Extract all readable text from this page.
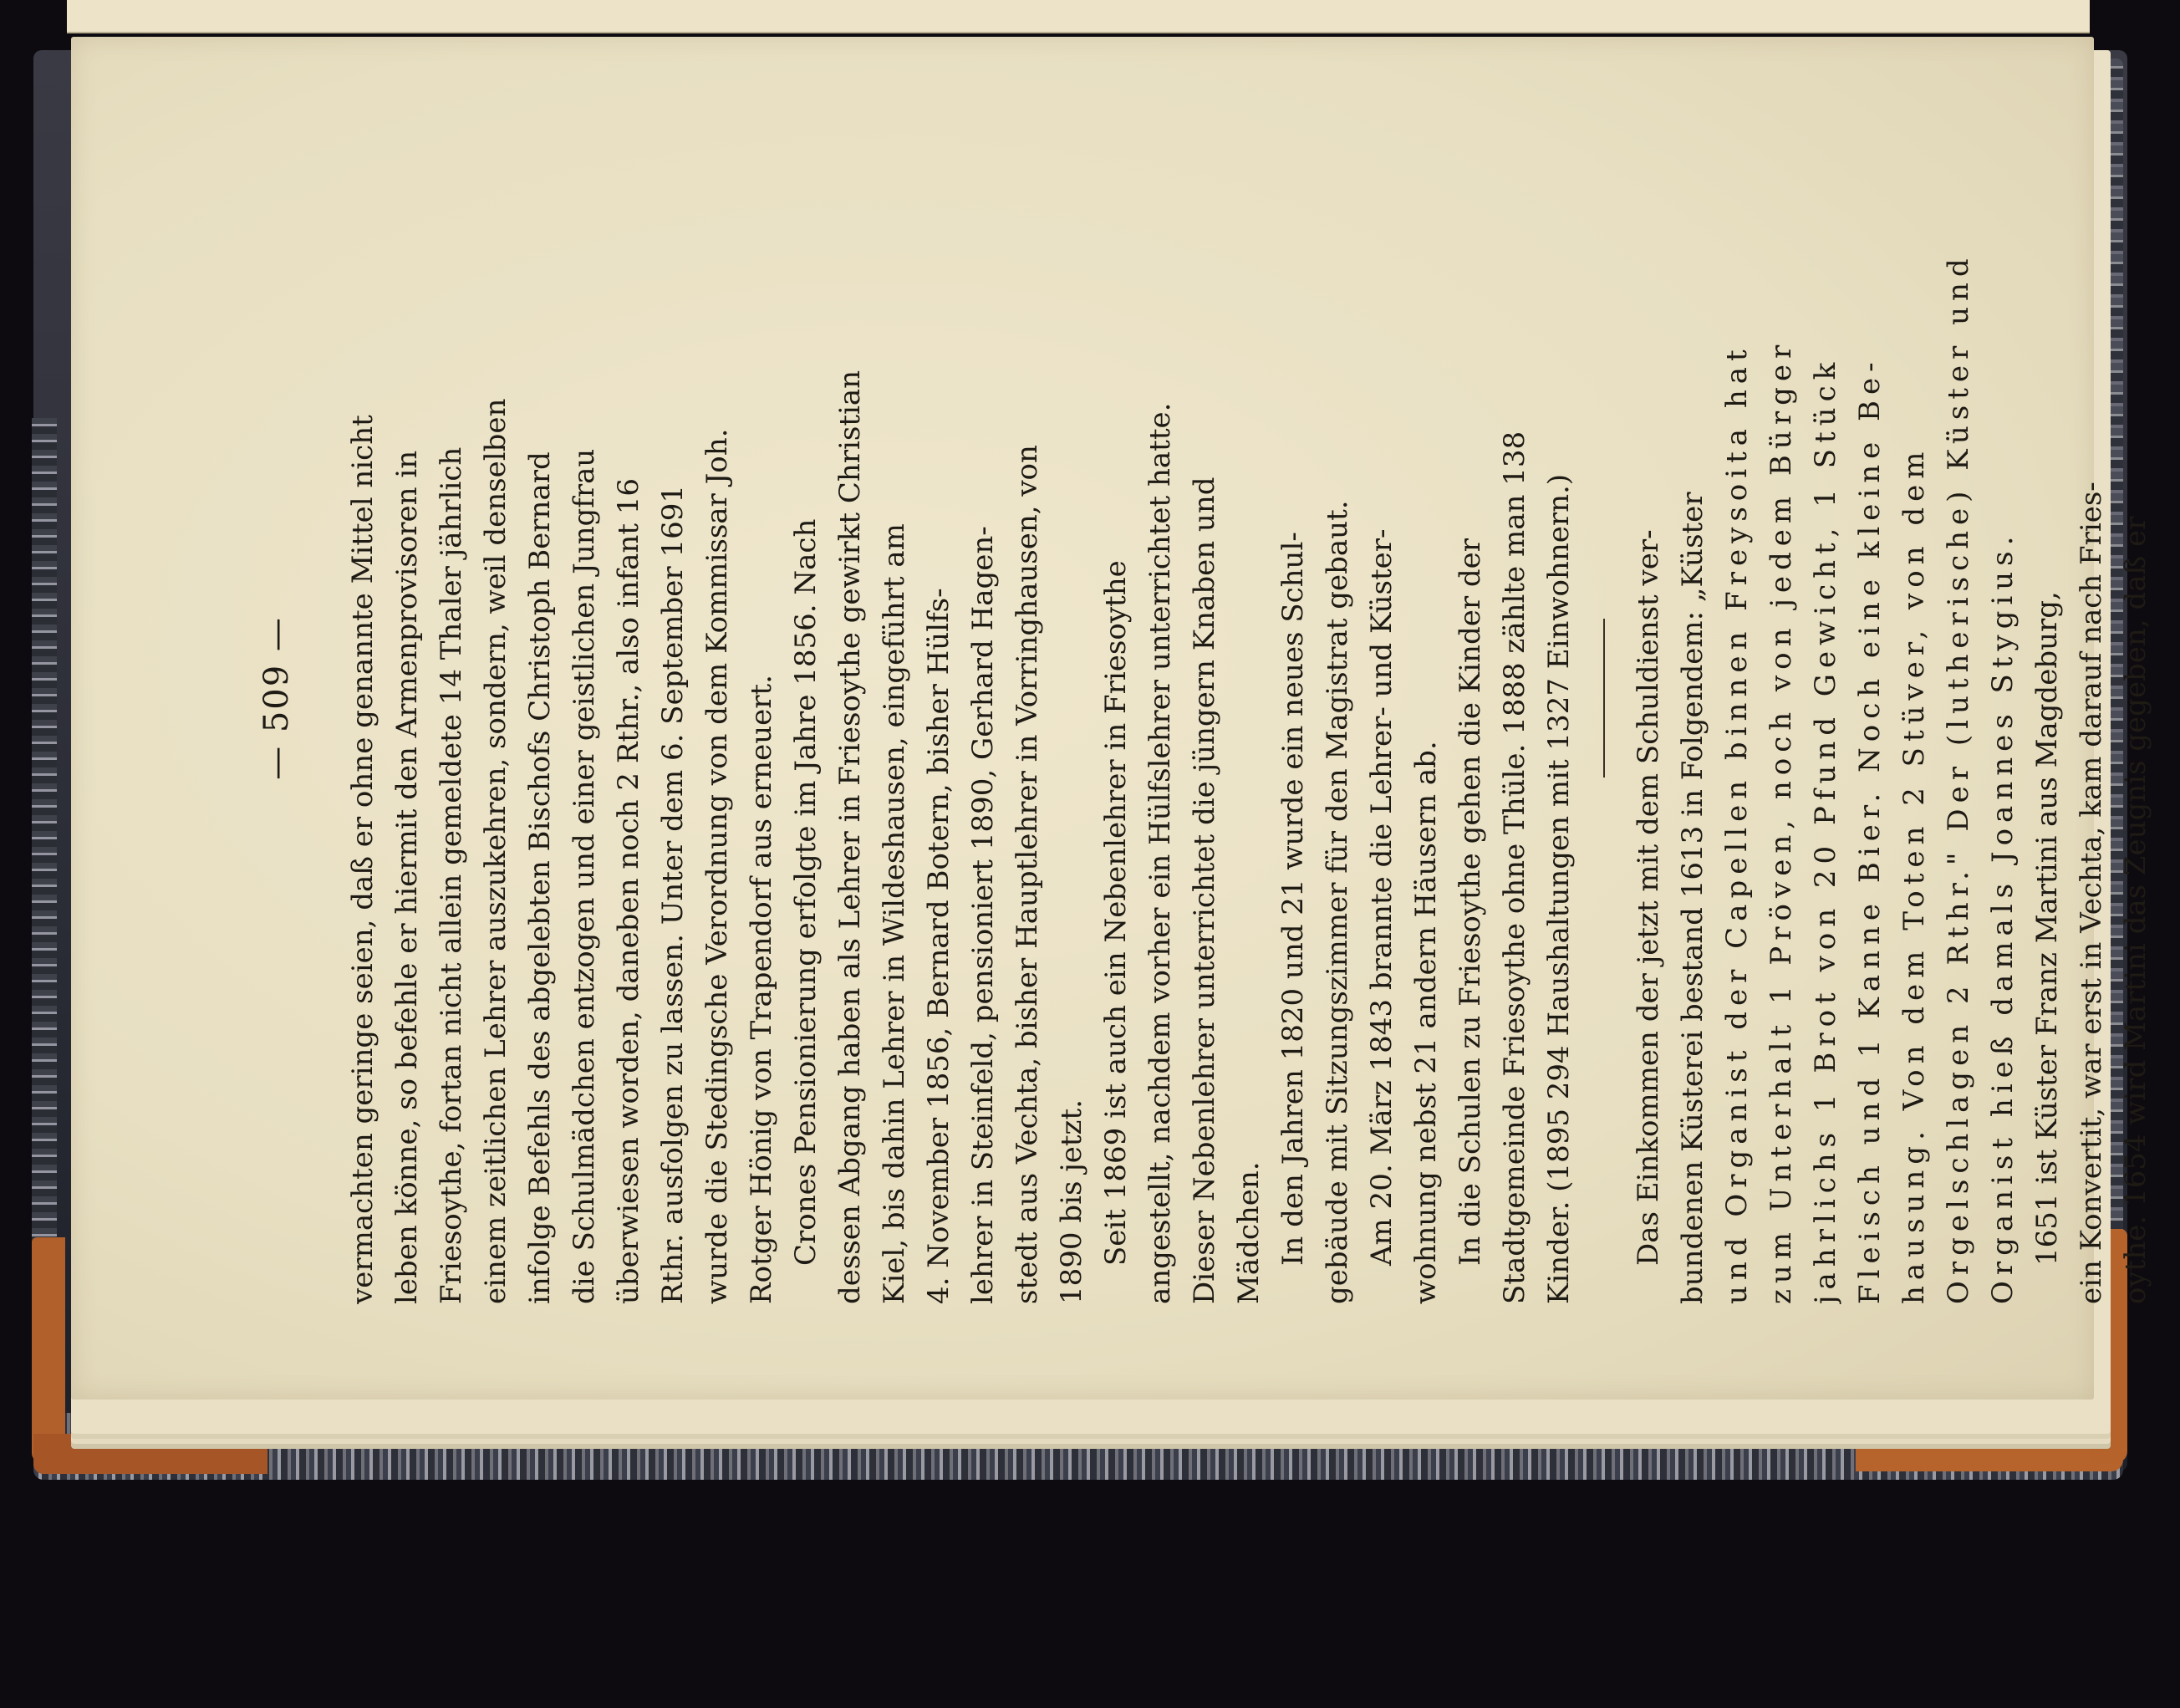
— 509 — vermachten geringe seien, daß er ohne genannte Mittel nicht leben könne, so befehle er hiermit den Armenprovisoren in Friesoythe, fortan nicht allein gemeldete 14 Thaler jährlich einem zeitlichen Lehrer auszukehren, sondern, weil denselben infolge Befehls des abgelebten Bischofs Christoph Bernard die Schulmädchen entzogen und einer geistlichen Jungfrau überwiesen worden, daneben noch 2 Rthr., also infant 16 Rthr. ausfolgen zu lassen. Unter dem 6. September 1691 wurde die Stedingsche Verordnung von dem Kommissar Joh. Rotger Hönig von Trapendorf aus erneuert. Crones Pensionierung erfolgte im Jahre 1856. Nach dessen Abgang haben als Lehrer in Friesoythe gewirkt Christian Kiel, bis dahin Lehrer in Wildeshausen, eingeführt am 4. November 1856, Bernard Botern, bisher Hülfs- lehrer in Steinfeld, pensioniert 1890, Gerhard Hagen- stedt aus Vechta, bisher Hauptlehrer in Vorringhausen, von 1890 bis jetzt. Seit 1869 ist auch ein Nebenlehrer in Friesoythe angestellt, nachdem vorher ein Hülfslehrer unterrichtet hatte. Dieser Nebenlehrer unterrichtet die jüngern Knaben und Mädchen. In den Jahren 1820 und 21 wurde ein neues Schul- gebäude mit Sitzungszimmer für den Magistrat gebaut. Am 20. März 1843 brannte die Lehrer- und Küster- wohnung nebst 21 andern Häusern ab. In die Schulen zu Friesoythe gehen die Kinder der Stadtgemeinde Friesoythe ohne Thüle. 1888 zählte man 138 Kinder. (1895 294 Haushaltungen mit 1327 Einwohnern.) Das Einkommen der jetzt mit dem Schuldienst ver- bundenen Küsterei bestand 1613 in Folgendem: „Küster und Organist der Capellen binnen Freysoita hat zum Unterhalt 1 Pröven, noch von jedem Bürger jahrlichs 1 Brot von 20 Pfund Gewicht, 1 Stück Fleisch und 1 Kanne Bier. Noch eine kleine Be- hausung. Von dem Toten 2 Stüver, von dem Orgelschlagen 2 Rthr." Der (lutherische) Küster und Organist hieß damals Joannes Stygius. 1651 ist Küster Franz Martini aus Magdeburg, ein Konvertit, war erst in Vechta, kam darauf nach Fries- oythe. 1654 wird Martini das Zeugnis gegeben, daß er
